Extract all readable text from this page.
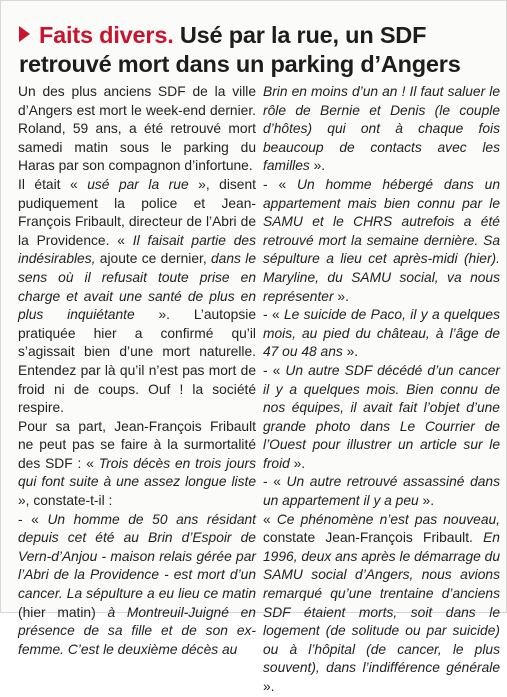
Faits divers. Usé par la rue, un SDF retrouvé mort dans un parking d’Angers

Un des plus anciens SDF de la ville d’Angers est mort le week-end dernier. Roland, 59 ans, a été retrouvé mort samedi matin sous le parking du Haras par son compagnon d’infortune.

Il était « usé par la rue », disent pudiquement la police et Jean-François Fribault, directeur de l’Abri de la Providence. « Il faisait partie des indésirables, ajoute ce dernier, dans le sens où il refusait toute prise en charge et avait une santé de plus en plus inquiétante ». L’autopsie pratiquée hier a confirmé qu’il s’agissait bien d’une mort naturelle. Entendez par là qu’il n’est pas mort de froid ni de coups. Ouf ! la société respire.

Pour sa part, Jean-François Fribault ne peut pas se faire à la surmortalité des SDF : « Trois décès en trois jours qui font suite à une assez longue liste », constate-t-il :

- « Un homme de 50 ans résidant depuis cet été au Brin d’Espoir de Vern-d’Anjou - maison relais gérée par l’Abri de la Providence - est mort d’un cancer. La sépulture a eu lieu ce matin (hier matin) à Montreuil-Juigné en présence de sa fille et de son ex-femme. C’est le deuxième décès au

Brin en moins d’un an ! Il faut saluer le rôle de Bernie et Denis (le couple d’hôtes) qui ont à chaque fois beaucoup de contacts avec les familles ».

- « Un homme hébergé dans un appartement mais bien connu par le SAMU et le CHRS autrefois a été retrouvé mort la semaine dernière. Sa sépulture a lieu cet après-midi (hier). Maryline, du SAMU social, va nous représenter ».

- « Le suicide de Paco, il y a quelques mois, au pied du château, à l’âge de 47 ou 48 ans ».

- « Un autre SDF décédé d’un cancer il y a quelques mois. Bien connu de nos équipes, il avait fait l’objet d’une grande photo dans Le Courrier de l’Ouest pour illustrer un article sur le froid ».

- « Un autre retrouvé assassiné dans un appartement il y a peu ».

« Ce phénomène n’est pas nouveau, constate Jean-François Fribault. En 1996, deux ans après le démarrage du SAMU social d’Angers, nous avions remarqué qu’une trentaine d’anciens SDF étaient morts, soit dans le logement (de solitude ou par suicide) ou à l’hôpital (de cancer, le plus souvent), dans l’indifférence générale ».
